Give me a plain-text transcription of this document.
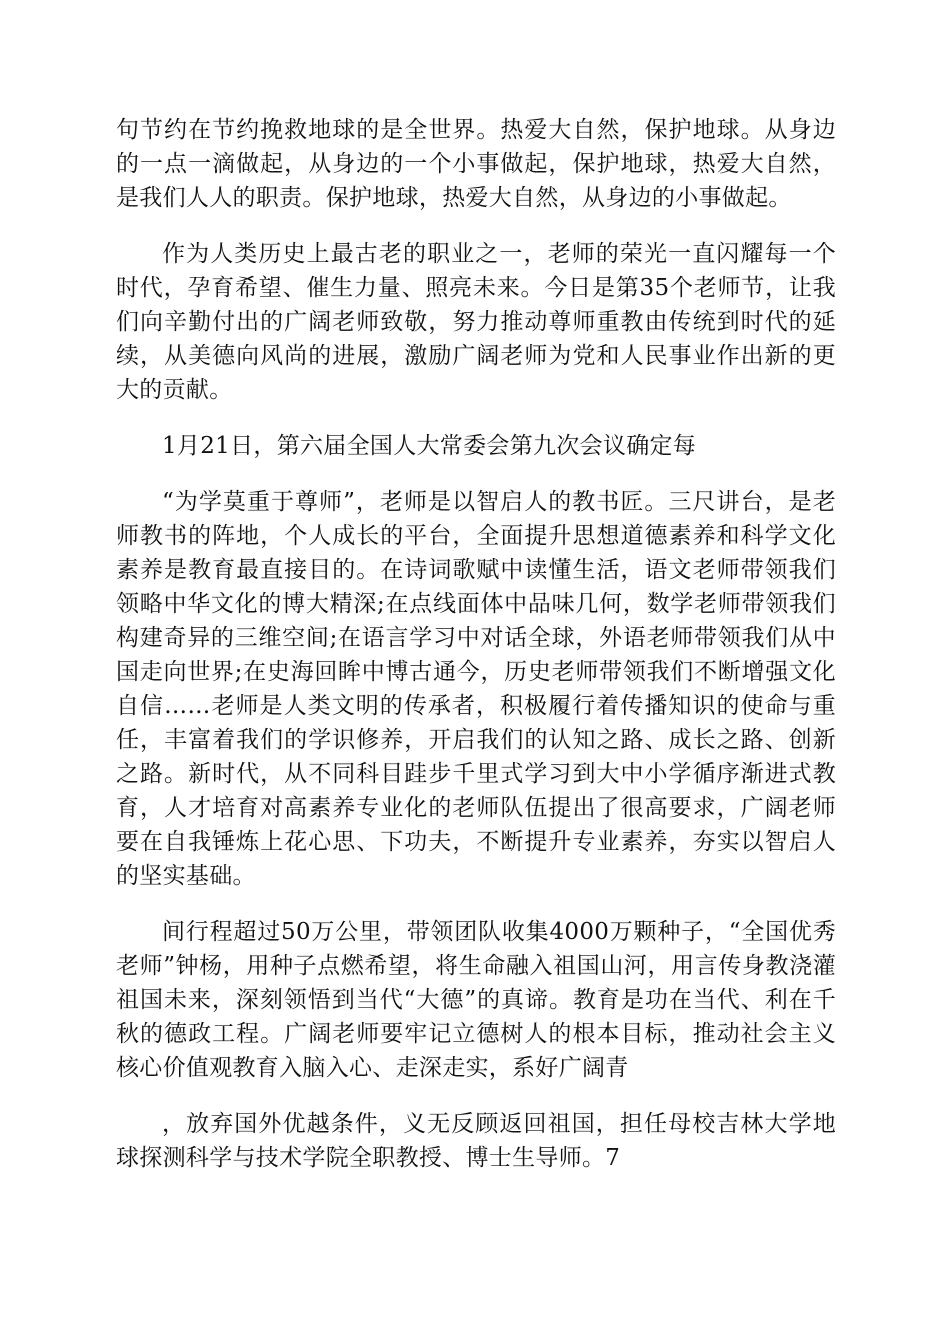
句节约在节约挽救地球的是全世界。热爱大自然，保护地球。从身边的一点一滴做起，从身边的一个小事做起，保护地球，热爱大自然，是我们人人的职责。保护地球，热爱大自然，从身边的小事做起。

作为人类历史上最古老的职业之一，老师的荣光一直闪耀每一个时代，孕育希望、催生力量、照亮未来。今日是第35个老师节，让我们向辛勤付出的广阔老师致敬，努力推动尊师重教由传统到时代的延续，从美德向风尚的进展，激励广阔老师为党和人民事业作出新的更大的贡献。

1月21日，第六届全国人大常委会第九次会议确定每

“为学莫重于尊师”，老师是以智启人的教书匠。三尺讲台，是老师教书的阵地，个人成长的平台，全面提升思想道德素养和科学文化素养是教育最直接目的。在诗词歌赋中读懂生活，语文老师带领我们领略中华文化的博大精深;在点线面体中品味几何，数学老师带领我们构建奇异的三维空间;在语言学习中对话全球，外语老师带领我们从中国走向世界;在史海回眸中博古通今，历史老师带领我们不断增强文化自信……老师是人类文明的传承者，积极履行着传播知识的使命与重任，丰富着我们的学识修养，开启我们的认知之路、成长之路、创新之路。新时代，从不同科目跬步千里式学习到大中小学循序渐进式教育，人才培育对高素养专业化的老师队伍提出了很高要求，广阔老师要在自我锤炼上花心思、下功夫，不断提升专业素养，夯实以智启人的坚实基础。

间行程超过50万公里，带领团队收集4000万颗种子，“全国优秀老师”钟杨，用种子点燃希望，将生命融入祖国山河，用言传身教浇灌祖国未来，深刻领悟到当代“大德”的真谛。教育是功在当代、利在千秋的德政工程。广阔老师要牢记立德树人的根本目标，推动社会主义核心价值观教育入脑入心、走深走实，系好广阔青

，放弃国外优越条件，义无反顾返回祖国，担任母校吉林大学地球探测科学与技术学院全职教授、博士生导师。7
